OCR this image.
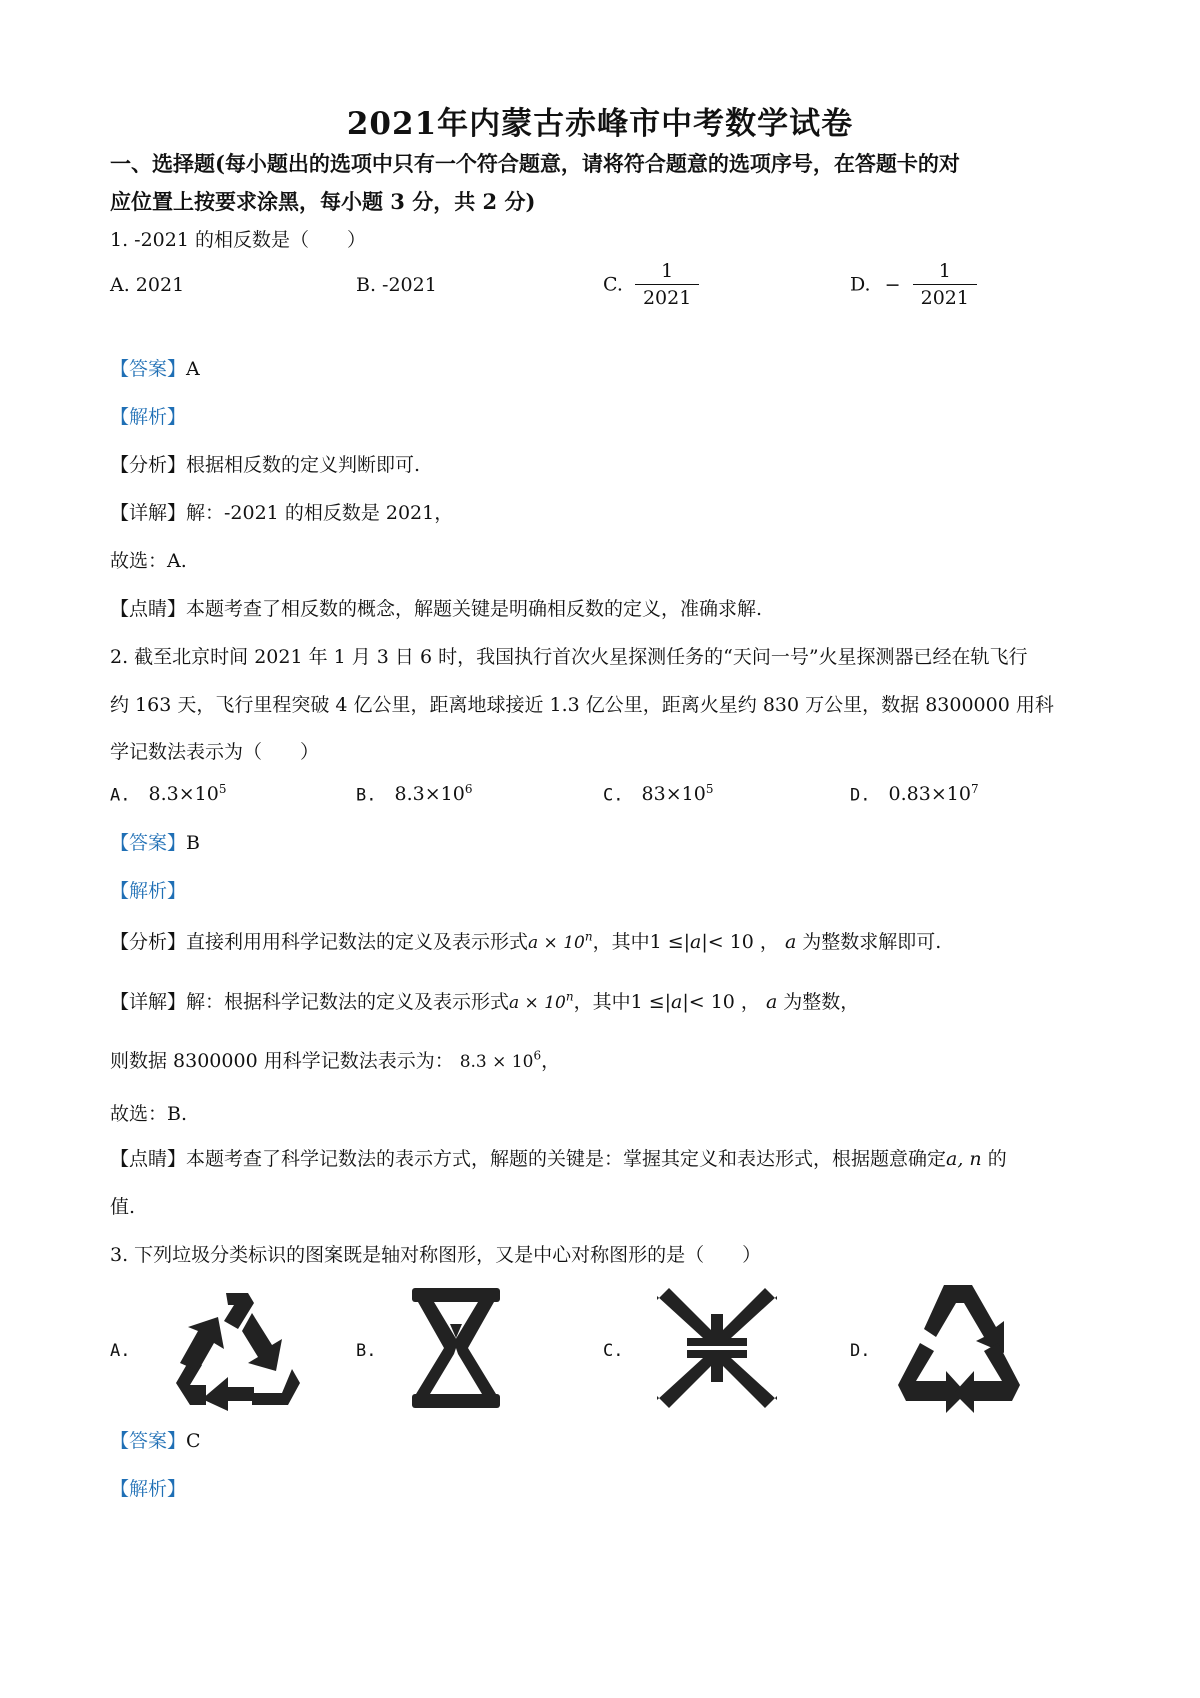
2021年内蒙古赤峰市中考数学试卷
一、选择题(每小题出的选项中只有一个符合题意，请将符合题意的选项序号，在答题卡的对
应位置上按要求涂黑，每小题 3 分，共 2 分)
1. -2021 的相反数是（　　）
A. 2021	B. -2021	C. $\frac{1}{2021}$	D. − $\frac{1}{2021}$
【答案】A
【解析】
【分析】根据相反数的定义判断即可.
【详解】解：-2021 的相反数是 2021，
故选：A.
【点睛】本题考查了相反数的概念，解题关键是明确相反数的定义，准确求解.
2. 截至北京时间 2021 年 1 月 3 日 6 时，我国执行首次火星探测任务的“天问一号”火星探测器已经在轨飞行
约 163 天，飞行里程突破 4 亿公里，距离地球接近 1.3 亿公里，距离火星约 830 万公里，数据 8300000 用科
学记数法表示为（　　）
A. $8.3\times 10^5$	B. $8.3\times 10^6$	C. $83\times 10^5$	D. $0.83\times 10^7$
【答案】B
【解析】
【分析】直接利用用科学记数法的定义及表示形式$a \times 10^n$，其中1 ≤|a|< 10 ， a 为整数求解即可.
【详解】解：根据科学记数法的定义及表示形式$a \times 10^n$，其中1 ≤|a|< 10 ， a 为整数，
则数据 8300000 用科学记数法表示为： $8.3 \times 10^6$，
故选：B.
【点睛】本题考查了科学记数法的表示方式，解题的关键是：掌握其定义和表达形式，根据题意确定a, n 的
值.
3. 下列垃圾分类标识的图案既是轴对称图形，又是中心对称图形的是（　　）
A.	B.	C.	D.
【答案】C
【解析】
